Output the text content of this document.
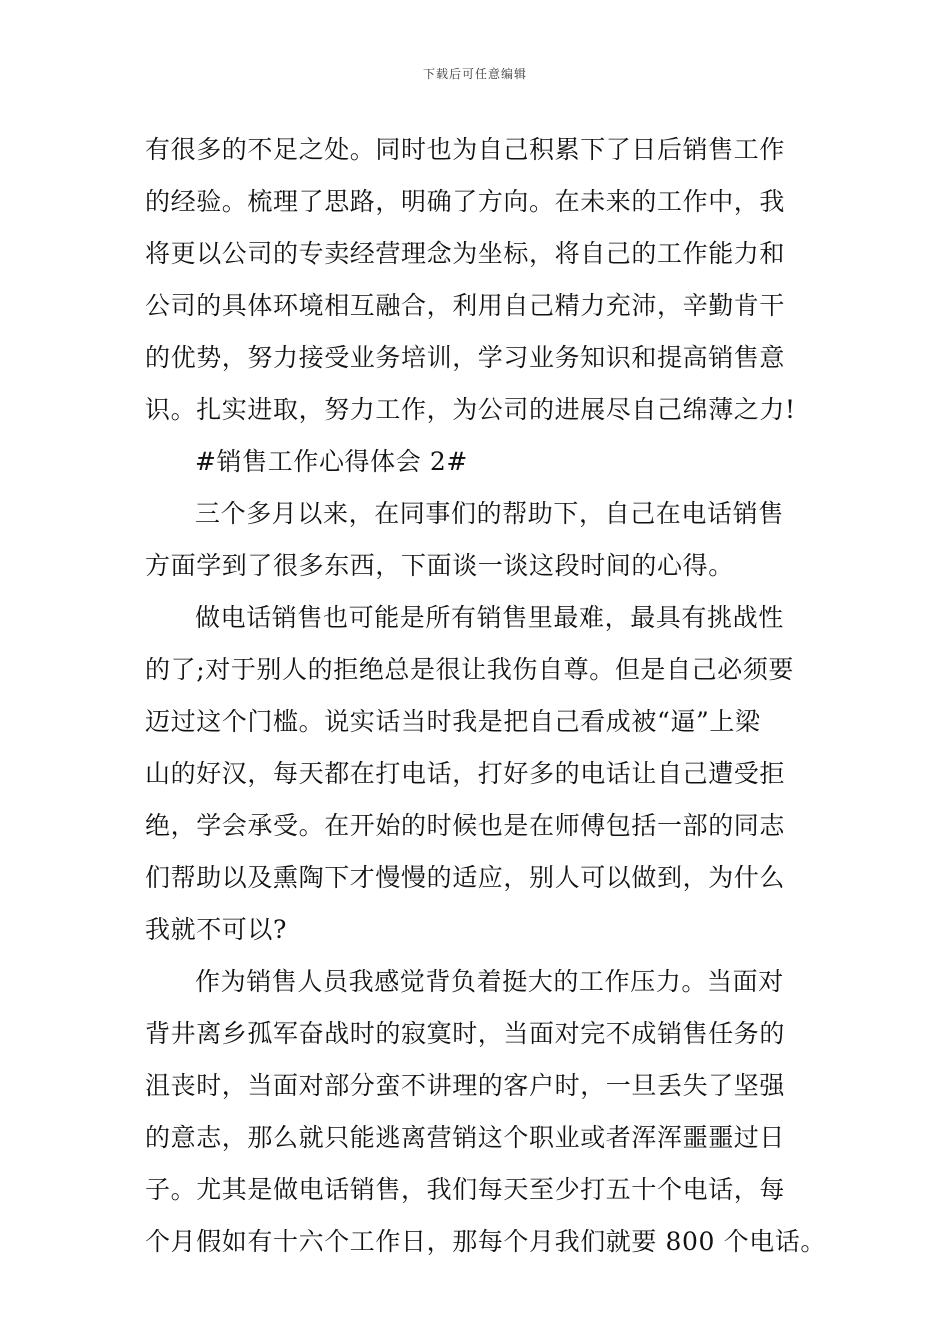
下载后可任意编辑
有很多的不足之处。同时也为自己积累下了日后销售工作
的经验。梳理了思路，明确了方向。在未来的工作中，我
将更以公司的专卖经营理念为坐标，将自己的工作能力和
公司的具体环境相互融合，利用自己精力充沛，辛勤肯干
的优势，努力接受业务培训，学习业务知识和提高销售意
识。扎实进取，努力工作，为公司的进展尽自己绵薄之力!
#销售工作心得体会 2#
三个多月以来，在同事们的帮助下，自己在电话销售
方面学到了很多东西，下面谈一谈这段时间的心得。
做电话销售也可能是所有销售里最难，最具有挑战性
的了;对于别人的拒绝总是很让我伤自尊。但是自己必须要
迈过这个门槛。说实话当时我是把自己看成被“逼”上梁
山的好汉，每天都在打电话，打好多的电话让自己遭受拒
绝，学会承受。在开始的时候也是在师傅包括一部的同志
们帮助以及熏陶下才慢慢的适应，别人可以做到，为什么
我就不可以?
作为销售人员我感觉背负着挺大的工作压力。当面对
背井离乡孤军奋战时的寂寞时，当面对完不成销售任务的
沮丧时，当面对部分蛮不讲理的客户时，一旦丢失了坚强
的意志，那么就只能逃离营销这个职业或者浑浑噩噩过日
子。尤其是做电话销售，我们每天至少打五十个电话，每
个月假如有十六个工作日，那每个月我们就要 800 个电话。
